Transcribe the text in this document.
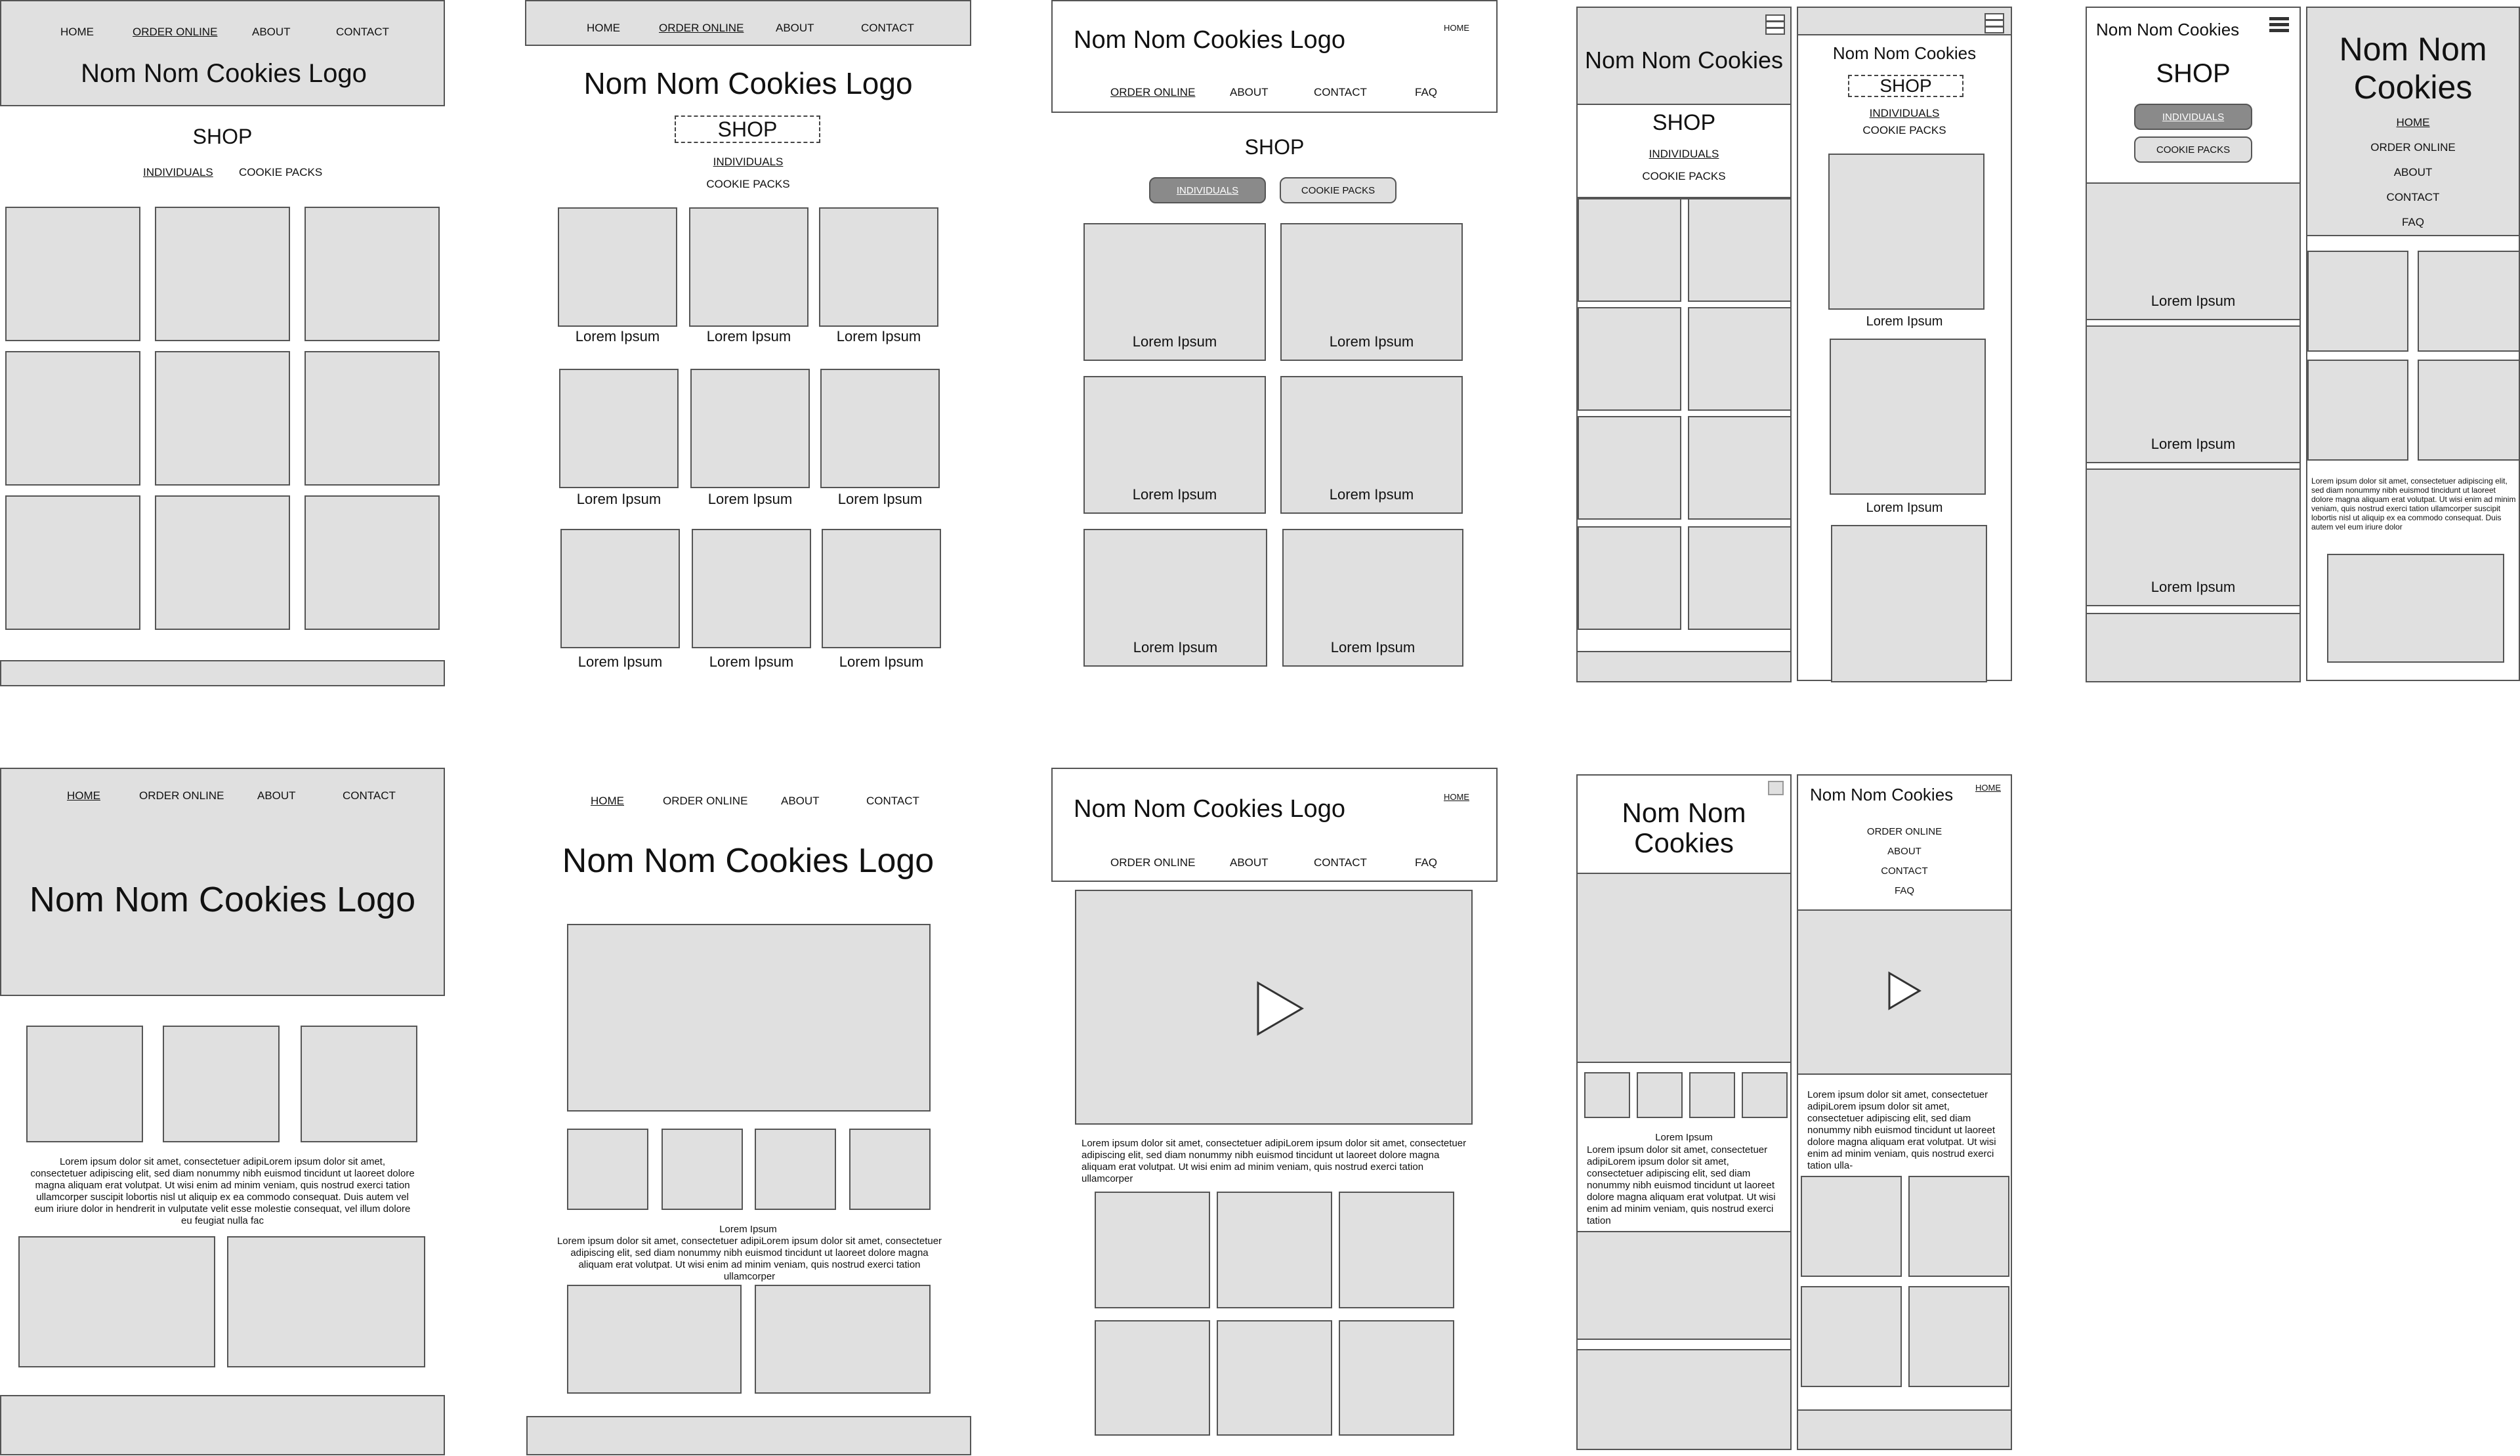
HOME	ORDER ONLINE	ABOUT	CONTACT
Nom Nom Cookies Logo
SHOP
INDIVIDUALS COOKIE PACKS
HOME	ORDER ONLINE	ABOUT	CONTACT
Nom Nom Cookies Logo
SHOP
INDIVIDUALS
COOKIE PACKS
Lorem Ipsum	Lorem Ipsum	Lorem Ipsum
Lorem Ipsum	Lorem Ipsum	Lorem Ipsum
Lorem Ipsum	Lorem Ipsum	Lorem Ipsum
Nom Nom Cookies Logo	HOME
ORDER ONLINE	ABOUT	CONTACT	FAQ
SHOP
INDIVIDUALS	COOKIE PACKS
Lorem Ipsum	Lorem Ipsum
Lorem Ipsum	Lorem Ipsum
Lorem Ipsum	Lorem Ipsum
Nom Nom Cookies
SHOP
INDIVIDUALS
COOKIE PACKS
Nom Nom Cookies
SHOP
INDIVIDUALS
COOKIE PACKS
Lorem Ipsum
Lorem Ipsum
Nom Nom Cookies
SHOP
INDIVIDUALS
COOKIE PACKS
Lorem Ipsum
Lorem Ipsum
Lorem Ipsum
Nom Nom
Cookies
HOME
ORDER ONLINE
ABOUT
CONTACT
FAQ

Lorem ipsum dolor sit amet, consectetuer adipiscing elit, sed diam nonummy nibh euismod tincidunt ut laoreet dolore magna aliquam erat volutpat. Ut wisi enim ad minim veniam, quis nostrud exerci tation ullamcorper suscipit lobortis nisl ut aliquip ex ea commodo consequat. Duis autem vel eum iriure dolor

HOME	ORDER ONLINE	ABOUT	CONTACT
Nom Nom Cookies Logo

Lorem ipsum dolor sit amet, consectetuer adipiLorem ipsum dolor sit amet, consectetuer adipiscing elit, sed diam nonummy nibh euismod tincidunt ut laoreet dolore magna aliquam erat volutpat. Ut wisi enim ad minim veniam, quis nostrud exerci tation ullamcorper suscipit lobortis nisl ut aliquip ex ea commodo consequat. Duis autem vel eum iriure dolor in hendrerit in vulputate velit esse molestie consequat, vel illum dolore eu feugiat nulla fac

HOME	ORDER ONLINE	ABOUT	CONTACT
Nom Nom Cookies Logo
Lorem Ipsum

Lorem ipsum dolor sit amet, consectetuer adipiLorem ipsum dolor sit amet, consectetuer adipiscing elit, sed diam nonummy nibh euismod tincidunt ut laoreet dolore magna aliquam erat volutpat. Ut wisi enim ad minim veniam, quis nostrud exerci tation ullamcorper

Nom Nom Cookies Logo	HOME
ORDER ONLINE	ABOUT	CONTACT	FAQ

Lorem ipsum dolor sit amet, consectetuer adipiLorem ipsum dolor sit amet, consectetuer adipiscing elit, sed diam nonummy nibh euismod tincidunt ut laoreet dolore magna aliquam erat volutpat. Ut wisi enim ad minim veniam, quis nostrud exerci tation ullamcorper

Nom Nom
Cookies
Lorem Ipsum

Lorem ipsum dolor sit amet, consectetuer adipiLorem ipsum dolor sit amet, consectetuer adipiscing elit, sed diam nonummy nibh euismod tincidunt ut laoreet dolore magna aliquam erat volutpat. Ut wisi enim ad minim veniam, quis nostrud exerci tation

Nom Nom Cookies	HOME
ORDER ONLINE
ABOUT
CONTACT
FAQ

Lorem ipsum dolor sit amet, consectetuer adipiLorem ipsum dolor sit amet, consectetuer adipiscing elit, sed diam nonummy nibh euismod tincidunt ut laoreet dolore magna aliquam erat volutpat. Ut wisi enim ad minim veniam, quis nostrud exerci tation ulla-
